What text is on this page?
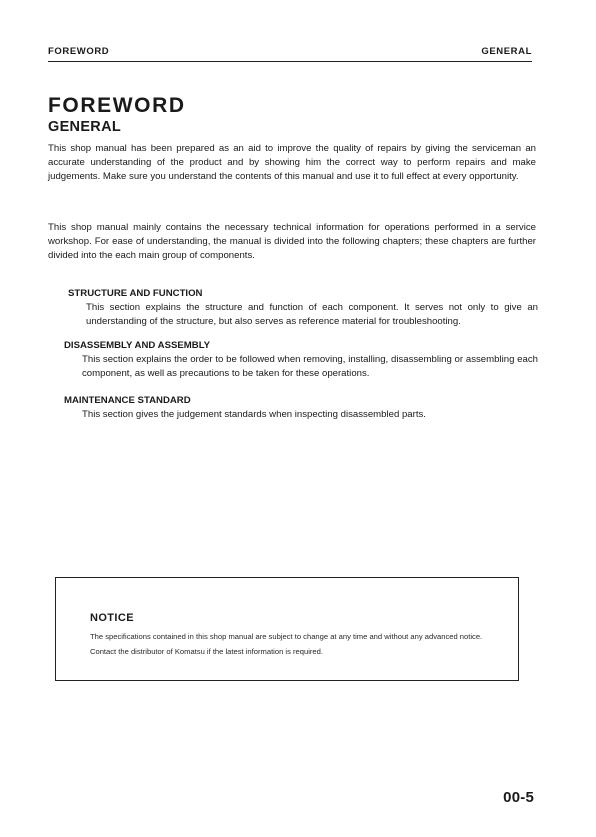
FOREWORD	GENERAL
FOREWORD
GENERAL

This shop manual has been prepared as an aid to improve the quality of repairs by giving the serviceman an accurate understanding of the product and by showing him the correct way to perform repairs and make judgements. Make sure you understand the contents of this manual and use it to full effect at every opportunity.

This shop manual mainly contains the necessary technical information for operations performed in a service workshop. For ease of understanding, the manual is divided into the following chapters; these chapters are further divided into the each main group of components.

STRUCTURE AND FUNCTION

This section explains the structure and function of each component. It serves not only to give an understanding of the structure, but also serves as reference material for troubleshooting.

DISASSEMBLY AND ASSEMBLY

This section explains the order to be followed when removing, installing, disassembling or assembling each component, as well as precautions to be taken for these operations.

MAINTENANCE STANDARD

This section gives the judgement standards when inspecting disassembled parts.

NOTICE

The specifications contained in this shop manual are subject to change at any time and without any advanced notice. Contact the distributor of Komatsu if the latest information is required.

00-5
